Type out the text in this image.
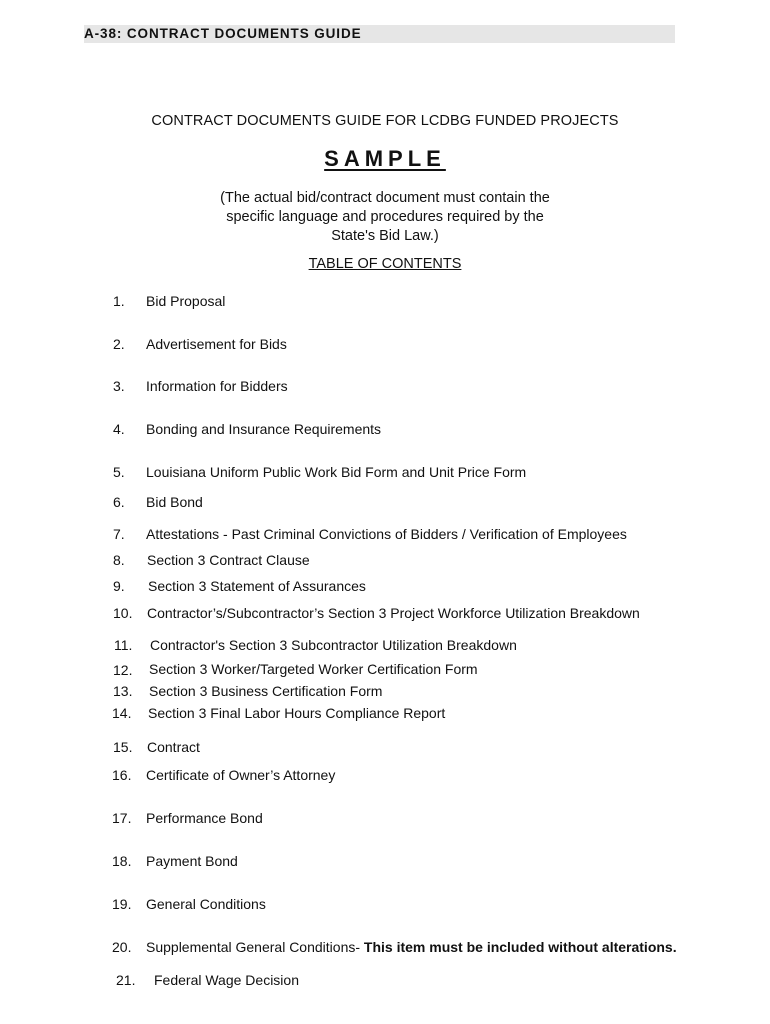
A-38: CONTRACT DOCUMENTS GUIDE
CONTRACT DOCUMENTS GUIDE FOR LCDBG FUNDED PROJECTS
SAMPLE
(The actual bid/contract document must contain the
specific language and procedures required by the
State's Bid Law.)
TABLE OF CONTENTS
1. Bid Proposal
2. Advertisement for Bids
3. Information for Bidders
4. Bonding and Insurance Requirements
5. Louisiana Uniform Public Work Bid Form and Unit Price Form
6. Bid Bond
7. Attestations - Past Criminal Convictions of Bidders / Verification of Employees
8. Section 3 Contract Clause
9. Section 3 Statement of Assurances
10. Contractor’s/Subcontractor’s Section 3 Project Workforce Utilization Breakdown
11. Contractor's Section 3 Subcontractor Utilization Breakdown
12. Section 3 Worker/Targeted Worker Certification Form
13. Section 3 Business Certification Form
14. Section 3 Final Labor Hours Compliance Report
15. Contract
16. Certificate of Owner’s Attorney
17. Performance Bond
18. Payment Bond
19. General Conditions
20. Supplemental General Conditions- This item must be included without alterations.
21. Federal Wage Decision
